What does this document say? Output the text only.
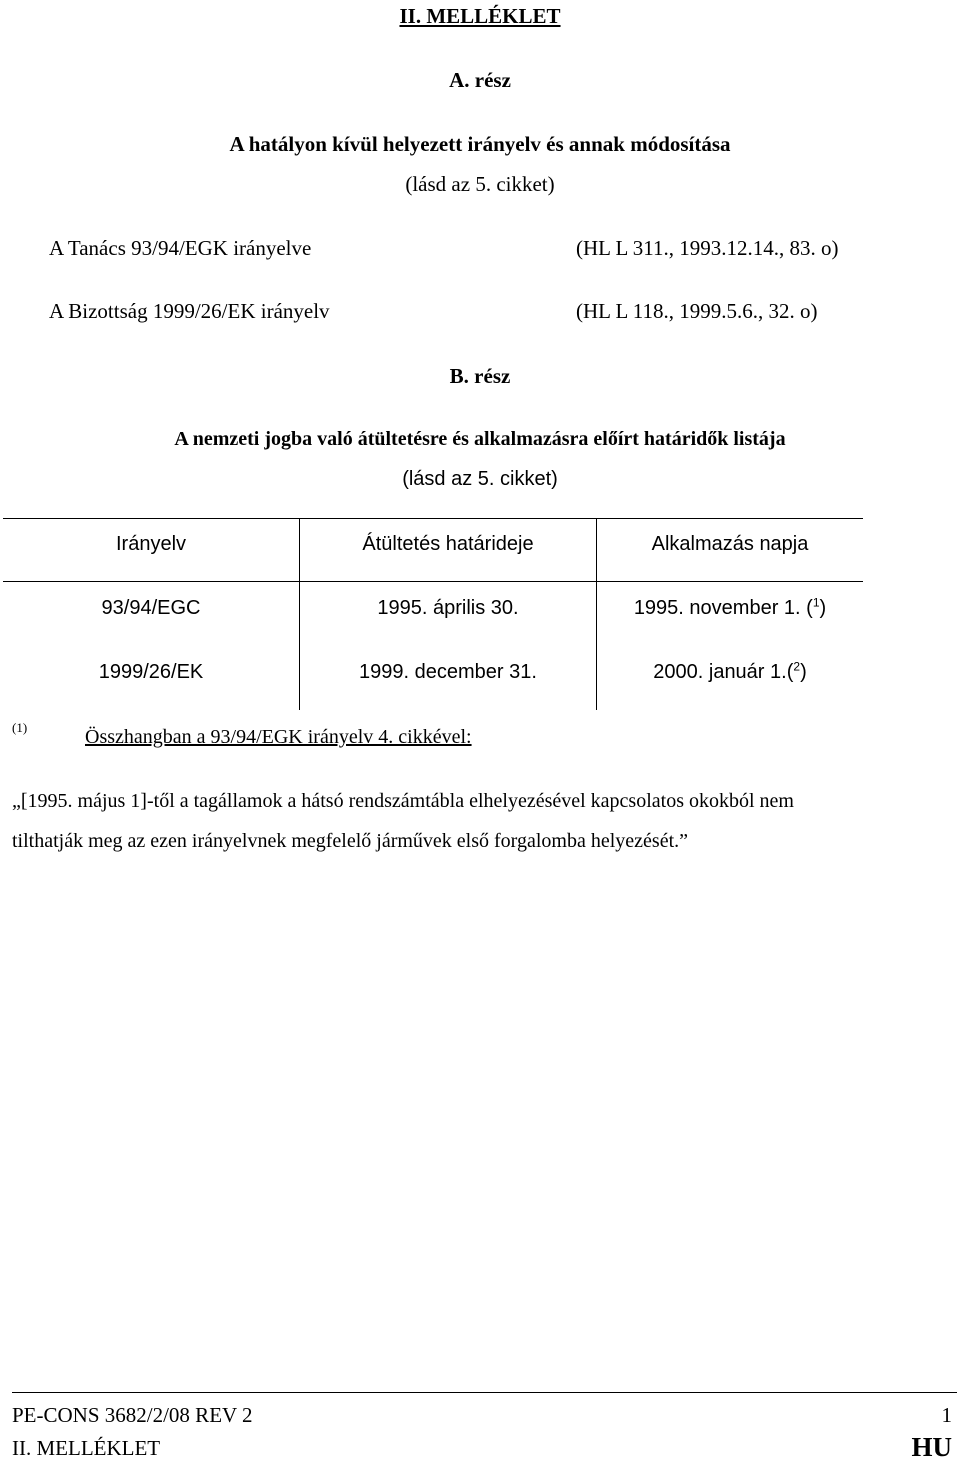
II. MELLÉKLET
A. rész
A hatályon kívül helyezett irányelv és annak módosítása
(lásd az 5. cikket)
A Tanács 93/94/EGK irányelve	(HL L 311., 1993.12.14., 83. o)
A Bizottság 1999/26/EK irányelv	(HL L 118., 1999.5.6., 32. o)
B. rész
A nemzeti jogba való átültetésre és alkalmazásra előírt határidők listája
(lásd az 5. cikket)
Irányelv	Átültetés határideje	Alkalmazás napja
93/94/EGC	1995. április 30.	1995. november 1. ($^1$)
1999/26/EK	1999. december 31.	2000. január 1.($^2$)
(1)	Összhangban a 93/94/EGK irányelv 4. cikkével:
„[1995. május 1]-től a tagállamok a hátsó rendszámtábla elhelyezésével kapcsolatos okokból nem
tilthatják meg az ezen irányelvnek megfelelő járművek első forgalomba helyezését.”
PE-CONS 3682/2/08 REV 2	1
II. MELLÉKLET	HU
